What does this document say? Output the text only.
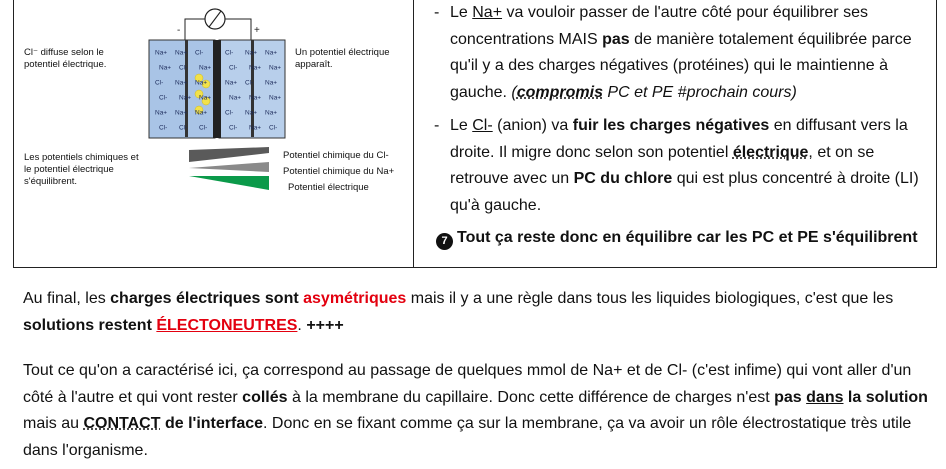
Cl⁻ diffuse selon le potentiel électrique.
Un potentiel électrique apparaît.
Les potentiels chimiques et le potentiel électrique s'équilibrent.
Potentiel chimique du Cl-
Potentiel chimique du Na+
Potentiel électrique
-	+
Na+ Na+ Cl-
Na+ Cl- Na+
Cl- Na+ Na+
Cl- Na+ Na+
Na+ Na+ Na+
Cl- Cl- Cl-
Cl- Na+ Na+
Cl- Na+ Na+
Na+ Cl- Na+
Na+ Na+ Na+
Cl- Na+ Na+
Cl- Na+ Cl-

- Le Na+ va vouloir passer de l'autre côté pour équilibrer ses concentrations MAIS pas de manière totalement équilibrée parce qu'il y a des charges négatives (protéines) qui le maintienne à gauche. (compromis PC et PE #prochain cours)

- Le Cl- (anion) va fuir les charges négatives en diffusant vers la droite. Il migre donc selon son potentiel électrique, et on se retrouve avec un PC du chlore qui est plus concentré à droite (LI) qu'à gauche.

7 Tout ça reste donc en équilibre car les PC et PE s'équilibrent

Au final, les charges électriques sont asymétriques mais il y a une règle dans tous les liquides biologiques, c'est que les solutions restent ÉLECTONEUTRES. ++++

Tout ce qu'on a caractérisé ici, ça correspond au passage de quelques mmol de Na+ et de Cl- (c'est infime) qui vont aller d'un côté à l'autre et qui vont rester collés à la membrane du capillaire. Donc cette différence de charges n'est pas dans la solution mais au CONTACT de l'interface. Donc en se fixant comme ça sur la membrane, ça va avoir un rôle électrostatique très utile dans l'organisme.
